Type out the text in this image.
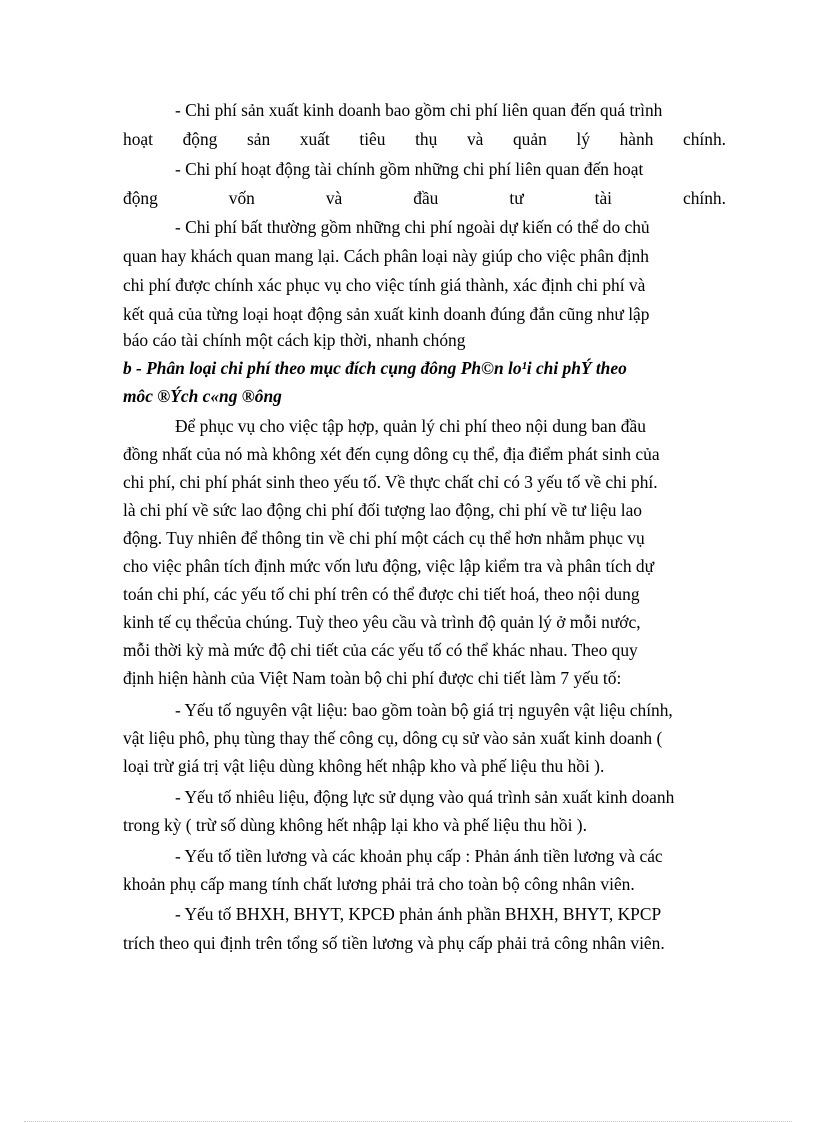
- Chi phí sản xuất kinh doanh bao gồm chi phí liên quan đến quá trình
hoạt động sản xuất tiêu thụ và quản lý hành chính.
- Chi phí hoạt động tài chính gồm những chi phí liên quan đến hoạt
động	vốn	và	đầu	tư	tài	chính.
- Chi phí bất thường gồm những chi phí ngoài dự kiến có thể do chủ
quan hay khách quan mang lại. Cách phân loại này giúp cho việc phân định
chi phí được chính xác phục vụ cho việc tính giá thành, xác định chi phí và
kết quả của từng loại hoạt động sản xuất kinh doanh đúng đắn cũng như lập
báo cáo tài chính một cách kịp thời, nhanh chóng
b - Phân loại chi phí theo mục đích cụng đông Ph©n lo¹i chi phÝ theo
môc ®Ých c«ng ®ông
Để phục vụ cho việc tập hợp, quản lý chi phí theo nội dung ban đầu
đồng nhất của nó mà không xét đến cụng dông cụ thể, địa điểm phát sinh của
chi phí, chi phí phát sinh theo yếu tố. Về thực chất chỉ có 3 yếu tố về chi phí.
là chi phí về sức lao động chi phí đối tượng lao động, chi phí về tư liệu lao
động. Tuy nhiên để thông tin về chi phí một cách cụ thể hơn nhằm phục vụ
cho việc phân tích định mức vốn lưu động, việc lập kiểm tra và phân tích dự
toán chi phí, các yếu tố chi phí trên có thể được chi tiết hoá, theo nội dung
kinh tế cụ thểcủa chúng. Tuỳ theo yêu cầu và trình độ quản lý ở mỗi nước,
mỗi thời kỳ mà mức độ chi tiết của các yếu tố có thể khác nhau. Theo quy
định hiện hành của Việt Nam toàn bộ chi phí được chi tiết làm 7 yếu tố:
- Yếu tố nguyên vật liệu: bao gồm toàn bộ giá trị nguyên vật liệu chính,
vật liệu phô, phụ tùng thay thế công cụ, dông cụ sử vào sản xuất kinh doanh (
loại trừ giá trị vật liệu dùng không hết nhập kho và phế liệu thu hồi ).
- Yếu tố nhiêu liệu, động lực sử dụng vào quá trình sản xuất kinh doanh
trong kỳ ( trừ số dùng không hết nhập lại kho và phế liệu thu hồi ).
- Yếu tố tiền lương và các khoản phụ cấp : Phản ánh tiền lương và các
khoản phụ cấp mang tính chất lương phải trả cho toàn bộ công nhân viên.
- Yếu tố BHXH, BHYT, KPCĐ phản ánh phần BHXH, BHYT, KPCP
trích theo qui định trên tổng số tiền lương và phụ cấp phải trả công nhân viên.
